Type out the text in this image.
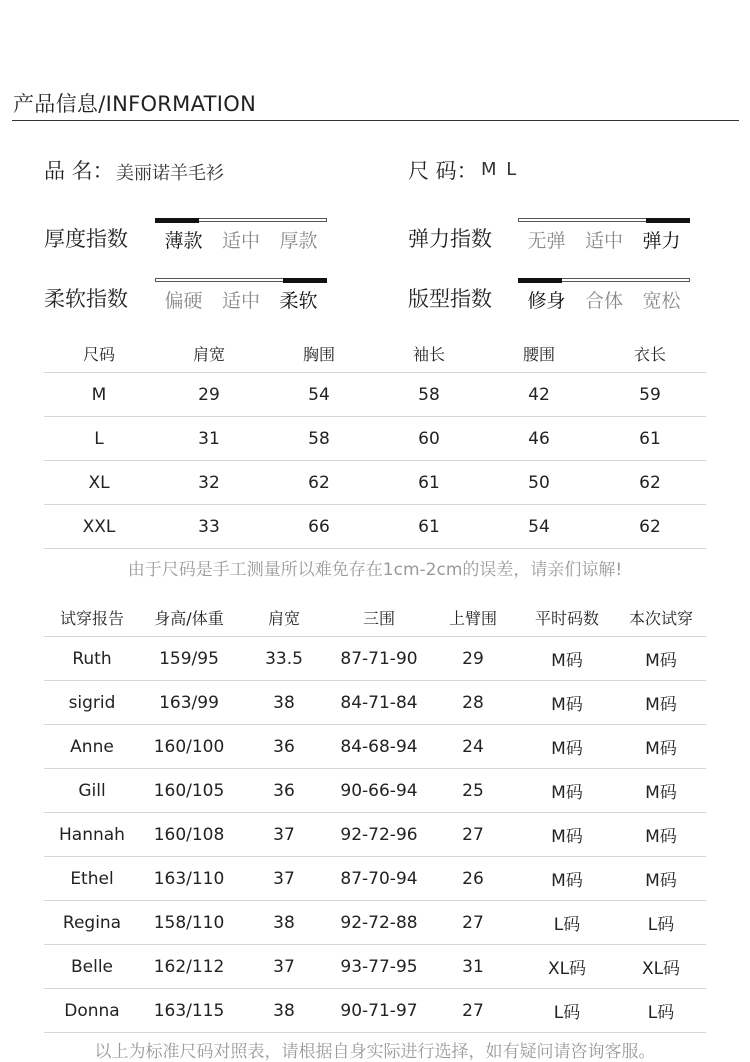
产品信息/INFORMATION
品 名： 美丽诺羊毛衫	尺 码： M L
厚度指数	薄款	适中	厚款	弹力指数	无弹	适中	弹力
柔软指数	偏硬	适中	柔软	版型指数	修身	合体	宽松
尺码	肩宽	胸围	袖长	腰围	衣长
M	29	54	58	42	59
L	31	58	60	46	61
XL	32	62	61	50	62
XXL	33	66	61	54	62
由于尺码是手工测量所以难免存在1cm-2cm的误差，请亲们谅解!
试穿报告	身高/体重	肩宽	三围	上臂围	平时码数	本次试穿
Ruth	159/95	33.5	87-71-90	29	M码	M码
sigrid	163/99	38	84-71-84	28	M码	M码
Anne	160/100	36	84-68-94	24	M码	M码
Gill	160/105	36	90-66-94	25	M码	M码
Hannah	160/108	37	92-72-96	27	M码	M码
Ethel	163/110	37	87-70-94	26	M码	M码
Regina	158/110	38	92-72-88	27	L码	L码
Belle	162/112	37	93-77-95	31	XL码	XL码
Donna	163/115	38	90-71-97	27	L码	L码
以上为标准尺码对照表，请根据自身实际进行选择，如有疑问请咨询客服。
